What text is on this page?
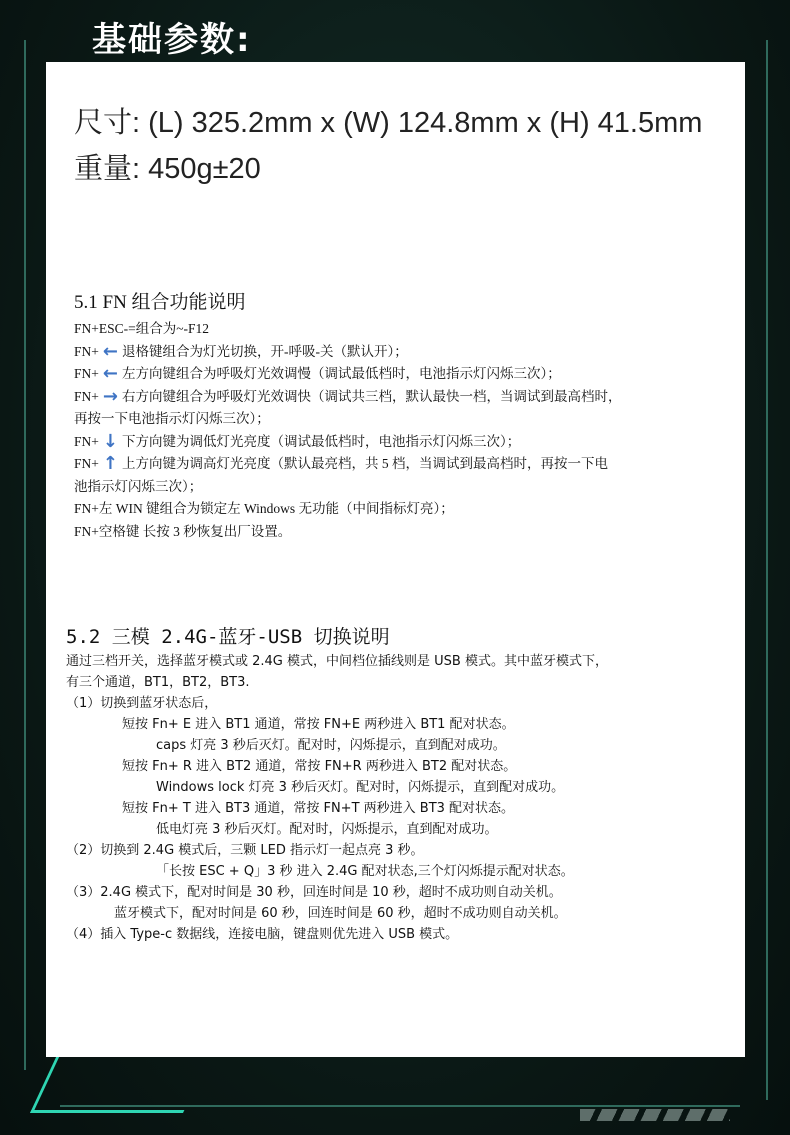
基础参数:

尺寸: (L) 325.2mm x (W) 124.8mm x (H) 41.5mm

重量: 450g±20

5.1 FN 组合功能说明
FN+ESC-=组合为~-F12
FN+ ← 退格键组合为灯光切换，开-呼吸-关（默认开）；
FN+ ← 左方向键组合为呼吸灯光效调慢（调试最低档时，电池指示灯闪烁三次）；
FN+ → 右方向键组合为呼吸灯光效调快（调试共三档，默认最快一档，当调试到最高档时，
再按一下电池指示灯闪烁三次）；
FN+ ↓ 下方向键为调低灯光亮度（调试最低档时，电池指示灯闪烁三次）；
FN+ ↑ 上方向键为调高灯光亮度（默认最亮档，共 5 档，当调试到最高档时，再按一下电
池指示灯闪烁三次）；
FN+左 WIN 键组合为锁定左 Windows 无功能（中间指标灯亮）；
FN+空格键 长按 3 秒恢复出厂设置。
5.2 三模 2.4G-蓝牙-USB 切换说明
通过三档开关，选择蓝牙模式或 2.4G 模式，中间档位插线则是 USB 模式。其中蓝牙模式下，
有三个通道，BT1，BT2，BT3.
（1）切换到蓝牙状态后，
短按 Fn+ E 进入 BT1 通道，常按 FN+E 两秒进入 BT1 配对状态。
caps 灯亮 3 秒后灭灯。配对时，闪烁提示，直到配对成功。
短按 Fn+ R 进入 BT2 通道，常按 FN+R 两秒进入 BT2 配对状态。
Windows lock 灯亮 3 秒后灭灯。配对时，闪烁提示，直到配对成功。
短按 Fn+ T 进入 BT3 通道，常按 FN+T 两秒进入 BT3 配对状态。
低电灯亮 3 秒后灭灯。配对时，闪烁提示，直到配对成功。
（2）切换到 2.4G 模式后，三颗 LED 指示灯一起点亮 3 秒。
「长按 ESC + Q」3 秒 进入 2.4G 配对状态,三个灯闪烁提示配对状态。
（3）2.4G 模式下，配对时间是 30 秒，回连时间是 10 秒，超时不成功则自动关机。
蓝牙模式下，配对时间是 60 秒，回连时间是 60 秒，超时不成功则自动关机。
（4）插入 Type-c 数据线，连接电脑，键盘则优先进入 USB 模式。
